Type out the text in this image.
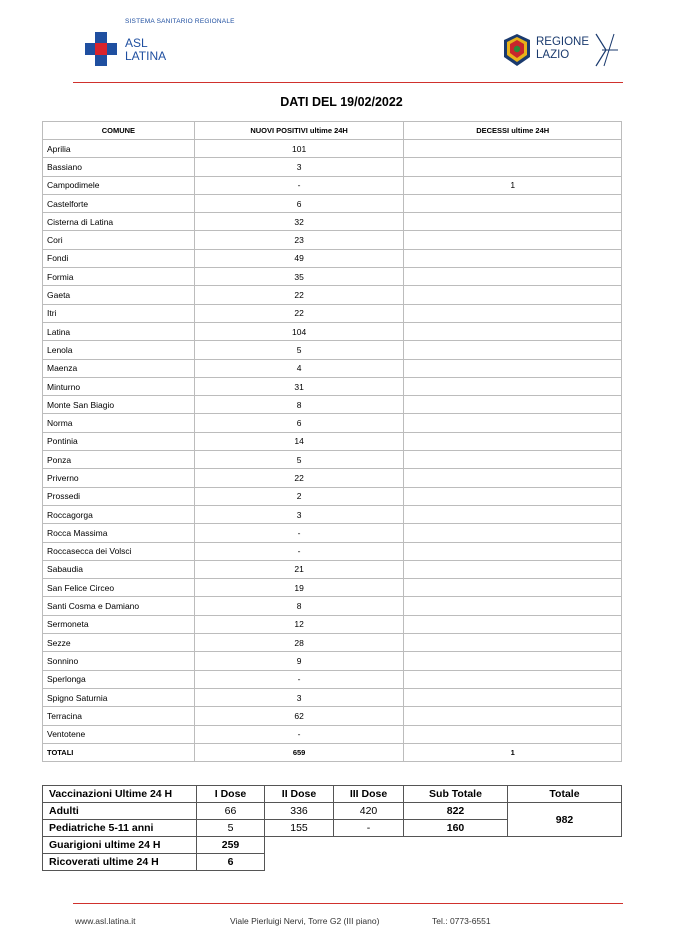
SISTEMA SANITARIO REGIONALE
ASL
LATINA
REGIONE
LAZIO
DATI DEL 19/02/2022
COMUNE	NUOVI POSITIVI ultime 24H	DECESSI ultime 24H
Aprilia	101	
Bassiano	3	
Campodimele	-	1
Castelforte	6	
Cisterna di Latina	32	
Cori	23	
Fondi	49	
Formia	35	
Gaeta	22	
Itri	22	
Latina	104	
Lenola	5	
Maenza	4	
Minturno	31	
Monte San Biagio	8	
Norma	6	
Pontinia	14	
Ponza	5	
Priverno	22	
Prossedi	2	
Roccagorga	3	
Rocca Massima	-	
Roccasecca dei Volsci	-	
Sabaudia	21	
San Felice Circeo	19	
Santi Cosma e Damiano	8	
Sermoneta	12	
Sezze	28	
Sonnino	9	
Sperlonga	-	
Spigno Saturnia	3	
Terracina	62	
Ventotene	-	
TOTALI	659	1
Vaccinazioni Ultime 24 H	I Dose	II Dose	III Dose	Sub Totale	Totale
Adulti	66	336	420	822	982
Pediatriche 5-11 anni	5	155	-	160	
Guarigioni ultime 24 H	259				
Ricoverati ultime 24 H	6				
www.asl.latina.it	Viale Pierluigi Nervi, Torre G2 (III piano)	Tel.: 0773-6551
